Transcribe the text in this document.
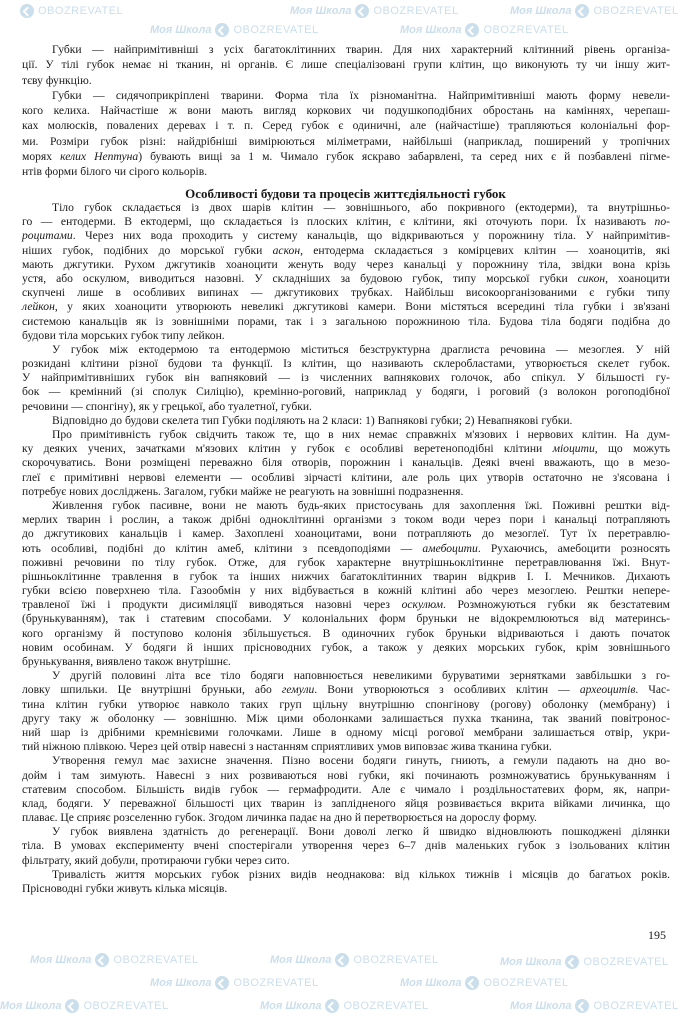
OBOZREVATEL	Моя Школа OBOZREVATEL	Моя Школа OBOZREVATEL
Моя Школа OBOZREVATEL	Моя Школа OBOZREVATEL
Моя Школа OBOZREVATEL	Моя Школа OBOZREVATEL	Моя Школа OBOZREVATEL
Моя Школа OBOZREVATEL	Моя Школа OBOZREVATEL
Моя Школа OBOZREVATEL	Моя Школа OBOZREVATEL	Моя Школа OBOZREVATEL
Губки — найпримітивніші з усіх багатоклітинних тварин. Для них характерний клітинний рівень організа-
ції. У тілі губок немає ні тканин, ні органів. Є лише спеціалізовані групи клітин, що виконують ту чи іншу жит-
тєву функцію.
Губки — сидячоприкріплені тварини. Форма тіла їх різноманітна. Найпримітивніші мають форму невели-
кого келиха. Найчастіше ж вони мають вигляд коркових чи подушкоподібних обростань на каміннях, черепаш-
ках молюсків, повалених деревах і т. п. Серед губок є одиничні, але (найчастіше) трапляються колоніальні фор-
ми. Розміри губок різні: найдрібніші вимірюються міліметрами, найбільші (наприклад, поширений у тропічних
морях келих Нептуна) бувають вищі за 1 м. Чимало губок яскраво забарвлені, та серед них є й позбавлені пігме-
нтів форми білого чи сірого кольорів.
Особливості будови та процесів життєдіяльності губок
Тіло губок складається із двох шарів клітин — зовнішнього, або покривного (ектодерми), та внутрішньо-
го — ентодерми. В ектодермі, що складається із плоских клітин, є клітини, які оточують пори. Їх називають по-
роцитами. Через них вода проходить у систему канальців, що відкриваються у порожнину тіла. У найпримітив-
ніших губок, подібних до морської губки аскон, ентодерма складається з комірцевих клітин — хоаноцитів, які
мають джгутики. Рухом джгутиків хоаноцити женуть воду через канальці у порожнину тіла, звідки вона крізь
устя, або оскулюм, виводиться назовні. У складніших за будовою губок, типу морської губки сикон, хоаноцити
скупчені лише в особливих випинах — джгутикових трубках. Найбільш високоорганізованими є губки типу
лейкон, у яких хоаноцити утворюють невеликі джгутикові камери. Вони містяться всередині тіла губки і зв'язані
системою канальців як із зовнішніми порами, так і з загальною порожниною тіла. Будова тіла бодяги подібна до
будови тіла морських губок типу лейкон.
У губок між ектодермою та ентодермою міститься безструктурна драглиста речовина — мезоглея. У ній
розкидані клітини різної будови та функції. Із клітин, що називають склеробластами, утворюється скелет губок.
У найпримітивніших губок він вапняковий — із численних вапнякових голочок, або спікул. У більшості гу-
бок — кремінний (зі сполук Силіцію), кремінно-роговий, наприклад у бодяги, і роговий (з волокон рогоподібної
речовини — спонгіну), як у грецької, або туалетної, губки.
Відповідно до будови скелета тип Губки поділяють на 2 класи: 1) Вапнякові губки; 2) Невапнякові губки.
Про примітивність губок свідчить також те, що в них немає справжніх м'язових і нервових клітин. На дум-
ку деяких учених, зачатками м'язових клітин у губок є особливі веретеноподібні клітини міоцити, що можуть
скорочуватись. Вони розміщені переважно біля отворів, порожнин і канальців. Деякі вчені вважають, що в мезо-
глеї є примітивні нервові елементи — особливі зірчасті клітини, але роль цих утворів остаточно не з'ясована і
потребує нових досліджень. Загалом, губки майже не реагують на зовнішні подразнення.
Живлення губок пасивне, вони не мають будь-яких пристосувань для захоплення їжі. Поживні рештки від-
мерлих тварин і рослин, а також дрібні одноклітинні організми з током води через пори і канальці потрапляють
до джгутикових канальців і камер. Захоплені хоаноцитами, вони потрапляють до мезоглеї. Тут їх перетравлю-
ють особливі, подібні до клітин амеб, клітини з псевдоподіями — амебоцити. Рухаючись, амебоцити розносять
поживні речовини по тілу губок. Отже, для губок характерне внутрішньоклітинне перетравлювання їжі. Внут-
рішньоклітинне травлення в губок та інших нижчих багатоклітинних тварин відкрив І. І. Мечников. Дихають
губки всією поверхнею тіла. Газообмін у них відбувається в кожній клітині або через мезоглею. Рештки непере-
травленої їжі і продукти дисиміляції виводяться назовні через оскулюм. Розмножуються губки як безстатевим
(брунькуванням), так і статевим способами. У колоніальних форм бруньки не відокремлюються від материнсь-
кого організму й поступово колонія збільшується. В одиночних губок бруньки відриваються і дають початок
новим особинам. У бодяги й інших прісноводних губок, а також у деяких морських губок, крім зовнішнього
брунькування, виявлено також внутрішнє.
У другій половині літа все тіло бодяги наповнюється невеликими буруватими зернятками завбільшки з го-
ловку шпильки. Це внутрішні бруньки, або гемули. Вони утворюються з особливих клітин — археоцитів. Час-
тина клітин губки утворює навколо таких груп щільну внутрішню спонгінову (рогову) оболонку (мембрану) і
другу таку ж оболонку — зовнішню. Між цими оболонками залишається пухка тканина, так званий повітронос-
ний шар із дрібними кремнієвими голочками. Лише в одному місці рогової мембрани залишається отвір, укри-
тий ніжною плівкою. Через цей отвір навесні з настанням сприятливих умов виповзає жива тканина губки.
Утворення гемул має захисне значення. Пізно восени бодяги гинуть, гниють, а гемули падають на дно во-
дойм і там зимують. Навесні з них розвиваються нові губки, які починають розмножуватись брунькуванням і
статевим способом. Більшість видів губок — гермафродити. Але є чимало і роздільностатевих форм, як, напри-
клад, бодяги. У переважної більшості цих тварин із заплідненого яйця розвивається вкрита війками личинка, що
плаває. Це сприяє розселенню губок. Згодом личинка падає на дно й перетворюється на дорослу форму.
У губок виявлена здатність до регенерації. Вони доволі легко й швидко відновлюють пошкоджені ділянки
тіла. В умовах експерименту вчені спостерігали утворення через 6–7 днів маленьких губок з ізольованих клітин
фільтрату, який добули, протираючи губки через сито.
Тривалість життя морських губок різних видів неоднакова: від кількох тижнів і місяців до багатьох років.
Прісноводні губки живуть кілька місяців.
195
